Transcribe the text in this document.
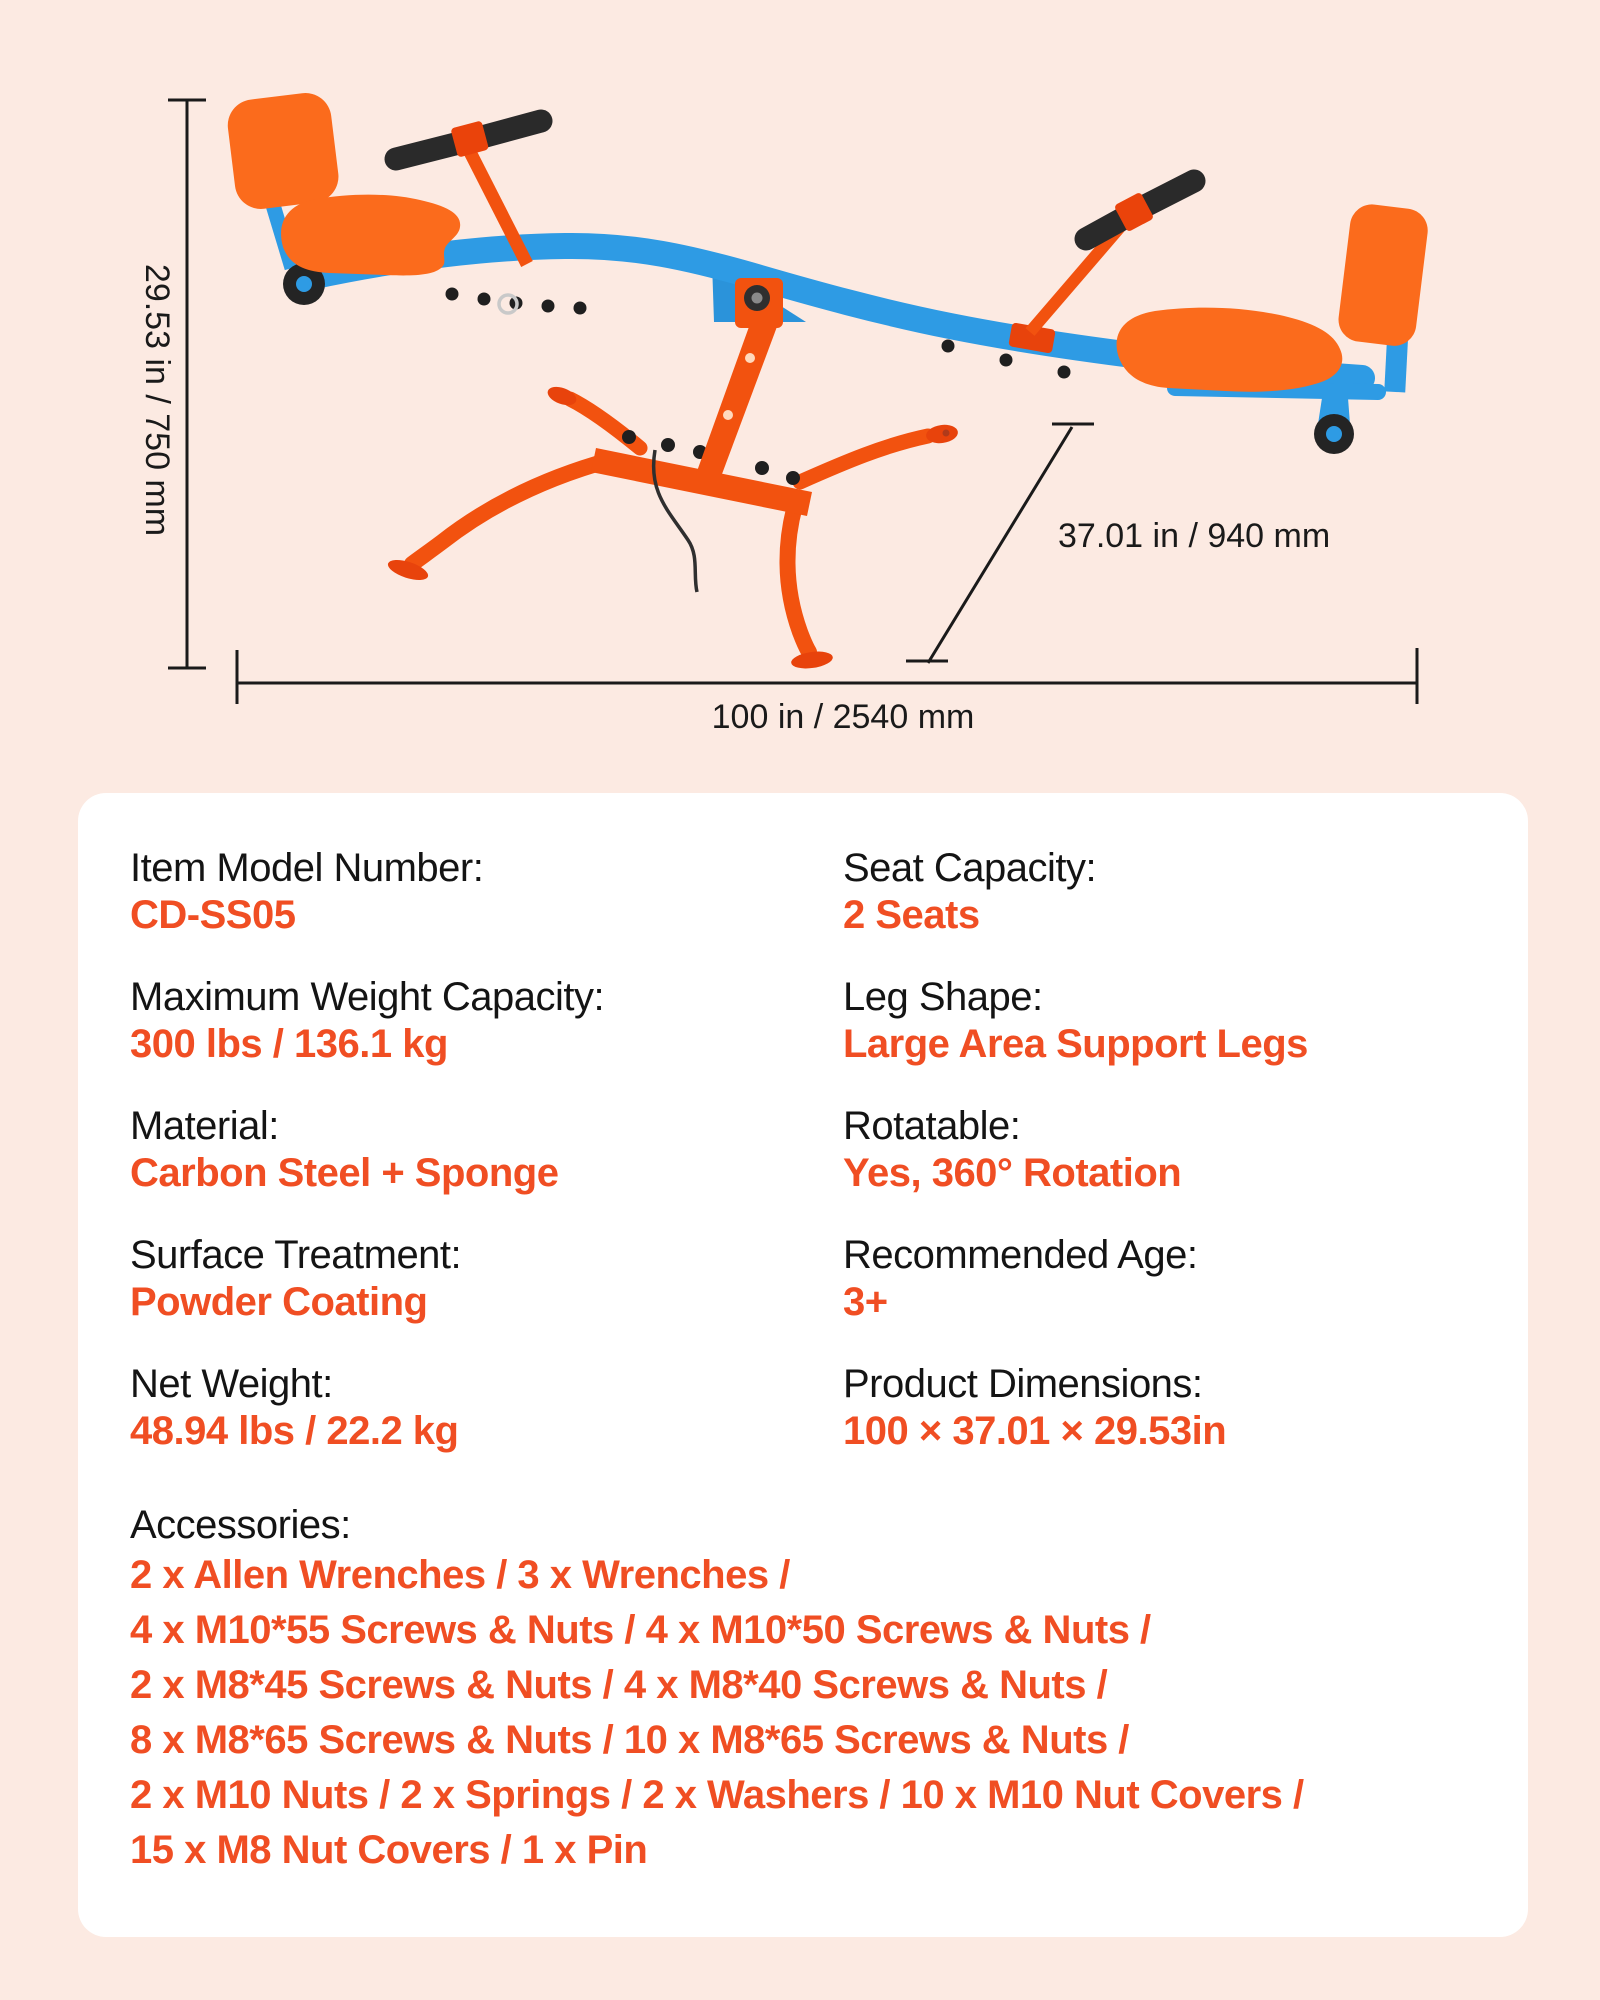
29.53 in / 750 mm	37.01 in / 940 mm
100 in / 2540 mm
Item Model Number:
CD-SS05
Seat Capacity:
2 Seats
Maximum Weight Capacity:
300 lbs / 136.1 kg
Leg Shape:
Large Area Support Legs
Material:
Carbon Steel + Sponge
Rotatable:
Yes, 360° Rotation
Surface Treatment:
Powder Coating
Recommended Age:
3+
Net Weight:
48.94 lbs / 22.2 kg
Product Dimensions:
100 × 37.01 × 29.53in
Accessories:
2 x Allen Wrenches / 3 x Wrenches /
4 x M10*55 Screws & Nuts / 4 x M10*50 Screws & Nuts /
2 x M8*45 Screws & Nuts / 4 x M8*40 Screws & Nuts /
8 x M8*65 Screws & Nuts / 10 x M8*65 Screws & Nuts /
2 x M10 Nuts / 2 x Springs / 2 x Washers / 10 x M10 Nut Covers /
15 x M8 Nut Covers / 1 x Pin
